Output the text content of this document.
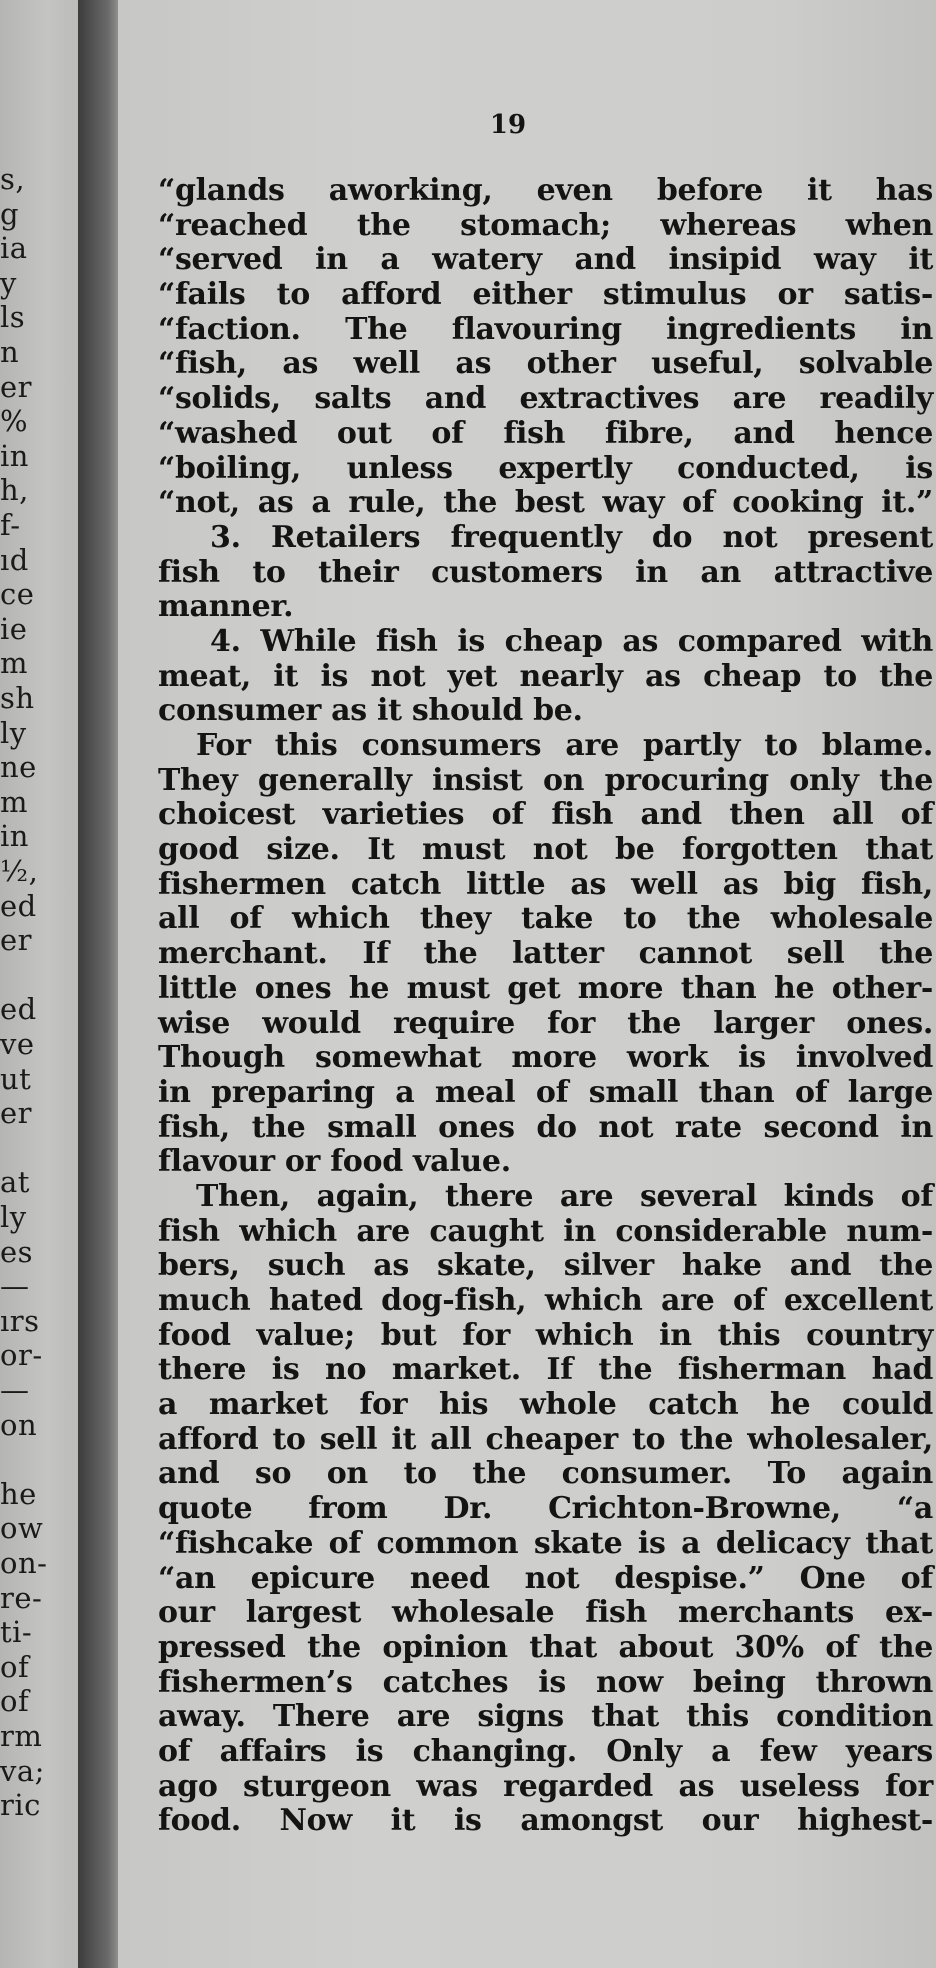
s,
g
ia
y
ls
n
er
%
in
h,
f-
ıd
ce
ie
m
sh
ly
ne
m
in
½,
ed
er
ed
ve
ut
er
at
ly
es
—
ırs
or-
—
on
he
ow
on-
re-
ti-
of
of
rm
va;
ric
19
“glands aworking, even before it has
“reached the stomach; whereas when
“served in a watery and insipid way it
“fails to afford either stimulus or satis-
“faction. The flavouring ingredients in
“fish, as well as other useful, solvable
“solids, salts and extractives are readily
“washed out of fish fibre, and hence
“boiling, unless expertly conducted, is
“not, as a rule, the best way of cooking it.”
3. Retailers frequently do not present
fish to their customers in an attractive
manner.
4. While fish is cheap as compared with
meat, it is not yet nearly as cheap to the
consumer as it should be.
For this consumers are partly to blame.
They generally insist on procuring only the
choicest varieties of fish and then all of
good size. It must not be forgotten that
fishermen catch little as well as big fish,
all of which they take to the wholesale
merchant. If the latter cannot sell the
little ones he must get more than he other-
wise would require for the larger ones.
Though somewhat more work is involved
in preparing a meal of small than of large
fish, the small ones do not rate second in
flavour or food value.
Then, again, there are several kinds of
fish which are caught in considerable num-
bers, such as skate, silver hake and the
much hated dog-fish, which are of excellent
food value; but for which in this country
there is no market. If the fisherman had
a market for his whole catch he could
afford to sell it all cheaper to the wholesaler,
and so on to the consumer. To again
quote from Dr. Crichton-Browne, “a
“fishcake of common skate is a delicacy that
“an epicure need not despise.” One of
our largest wholesale fish merchants ex-
pressed the opinion that about 30% of the
fishermen’s catches is now being thrown
away. There are signs that this condition
of affairs is changing. Only a few years
ago sturgeon was regarded as useless for
food. Now it is amongst our highest-
